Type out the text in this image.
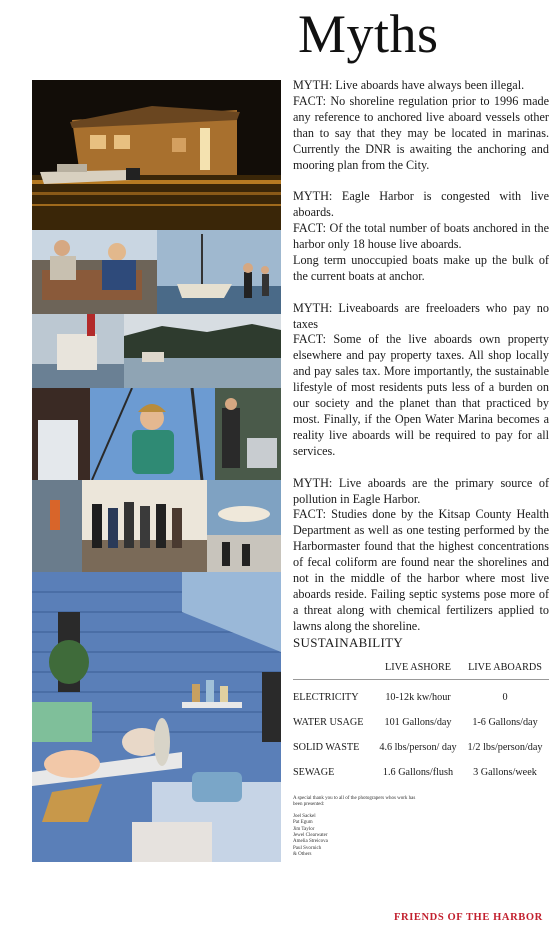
Myths

MYTH: Live aboards have always been illegal.
FACT: No shoreline regulation prior to 1996 made any reference to anchored live aboard vessels other than to say that they may be located in marinas. Currently the DNR is awaiting the anchoring and mooring plan from the City.

MYTH: Eagle Harbor is congested with live aboards.
FACT: Of the total number of boats anchored in the harbor only 18 house live aboards.
Long term unoccupied boats make up the bulk of the current boats at anchor.

MYTH: Liveaboards are freeloaders who pay no taxes
FACT: Some of the live aboards own property elsewhere and pay property taxes. All shop locally and pay sales tax. More importantly, the sustainable lifestyle of most residents puts less of a burden on our society and the planet than that practiced by most. Finally, if the Open Water Marina becomes a reality live aboards will be required to pay for all services.

MYTH: Live aboards are the primary source of pollution in Eagle Harbor.
FACT: Studies done by the Kitsap County Health Department as well as one testing performed by the Harbormaster found that the highest concentrations of fecal coliform are found near the shorelines and not in the middle of the harbor where most live aboards reside. Failing septic systems pose more of a threat along with chemical fertilizers applied to lawns along the shoreline.

SUSTAINABILITY
	LIVE ASHORE	LIVE ABOARDS
ELECTRICITY	10-12k kw/hour	0
WATER USAGE	101 Gallons/day	1-6 Gallons/day
SOLID WASTE	4.6 lbs/person/ day	1/2 lbs/person/day
SEWAGE	1.6 Gallons/flush	3 Gallons/week
A special thank you to all of the photograpers whos work has been presented:
Joel Sackel
Pat Egum
Jim Taylor
Jewel Clearwater
Amelia Streicova
Paul Svornich
& Others
FRIENDS OF THE HARBOR
